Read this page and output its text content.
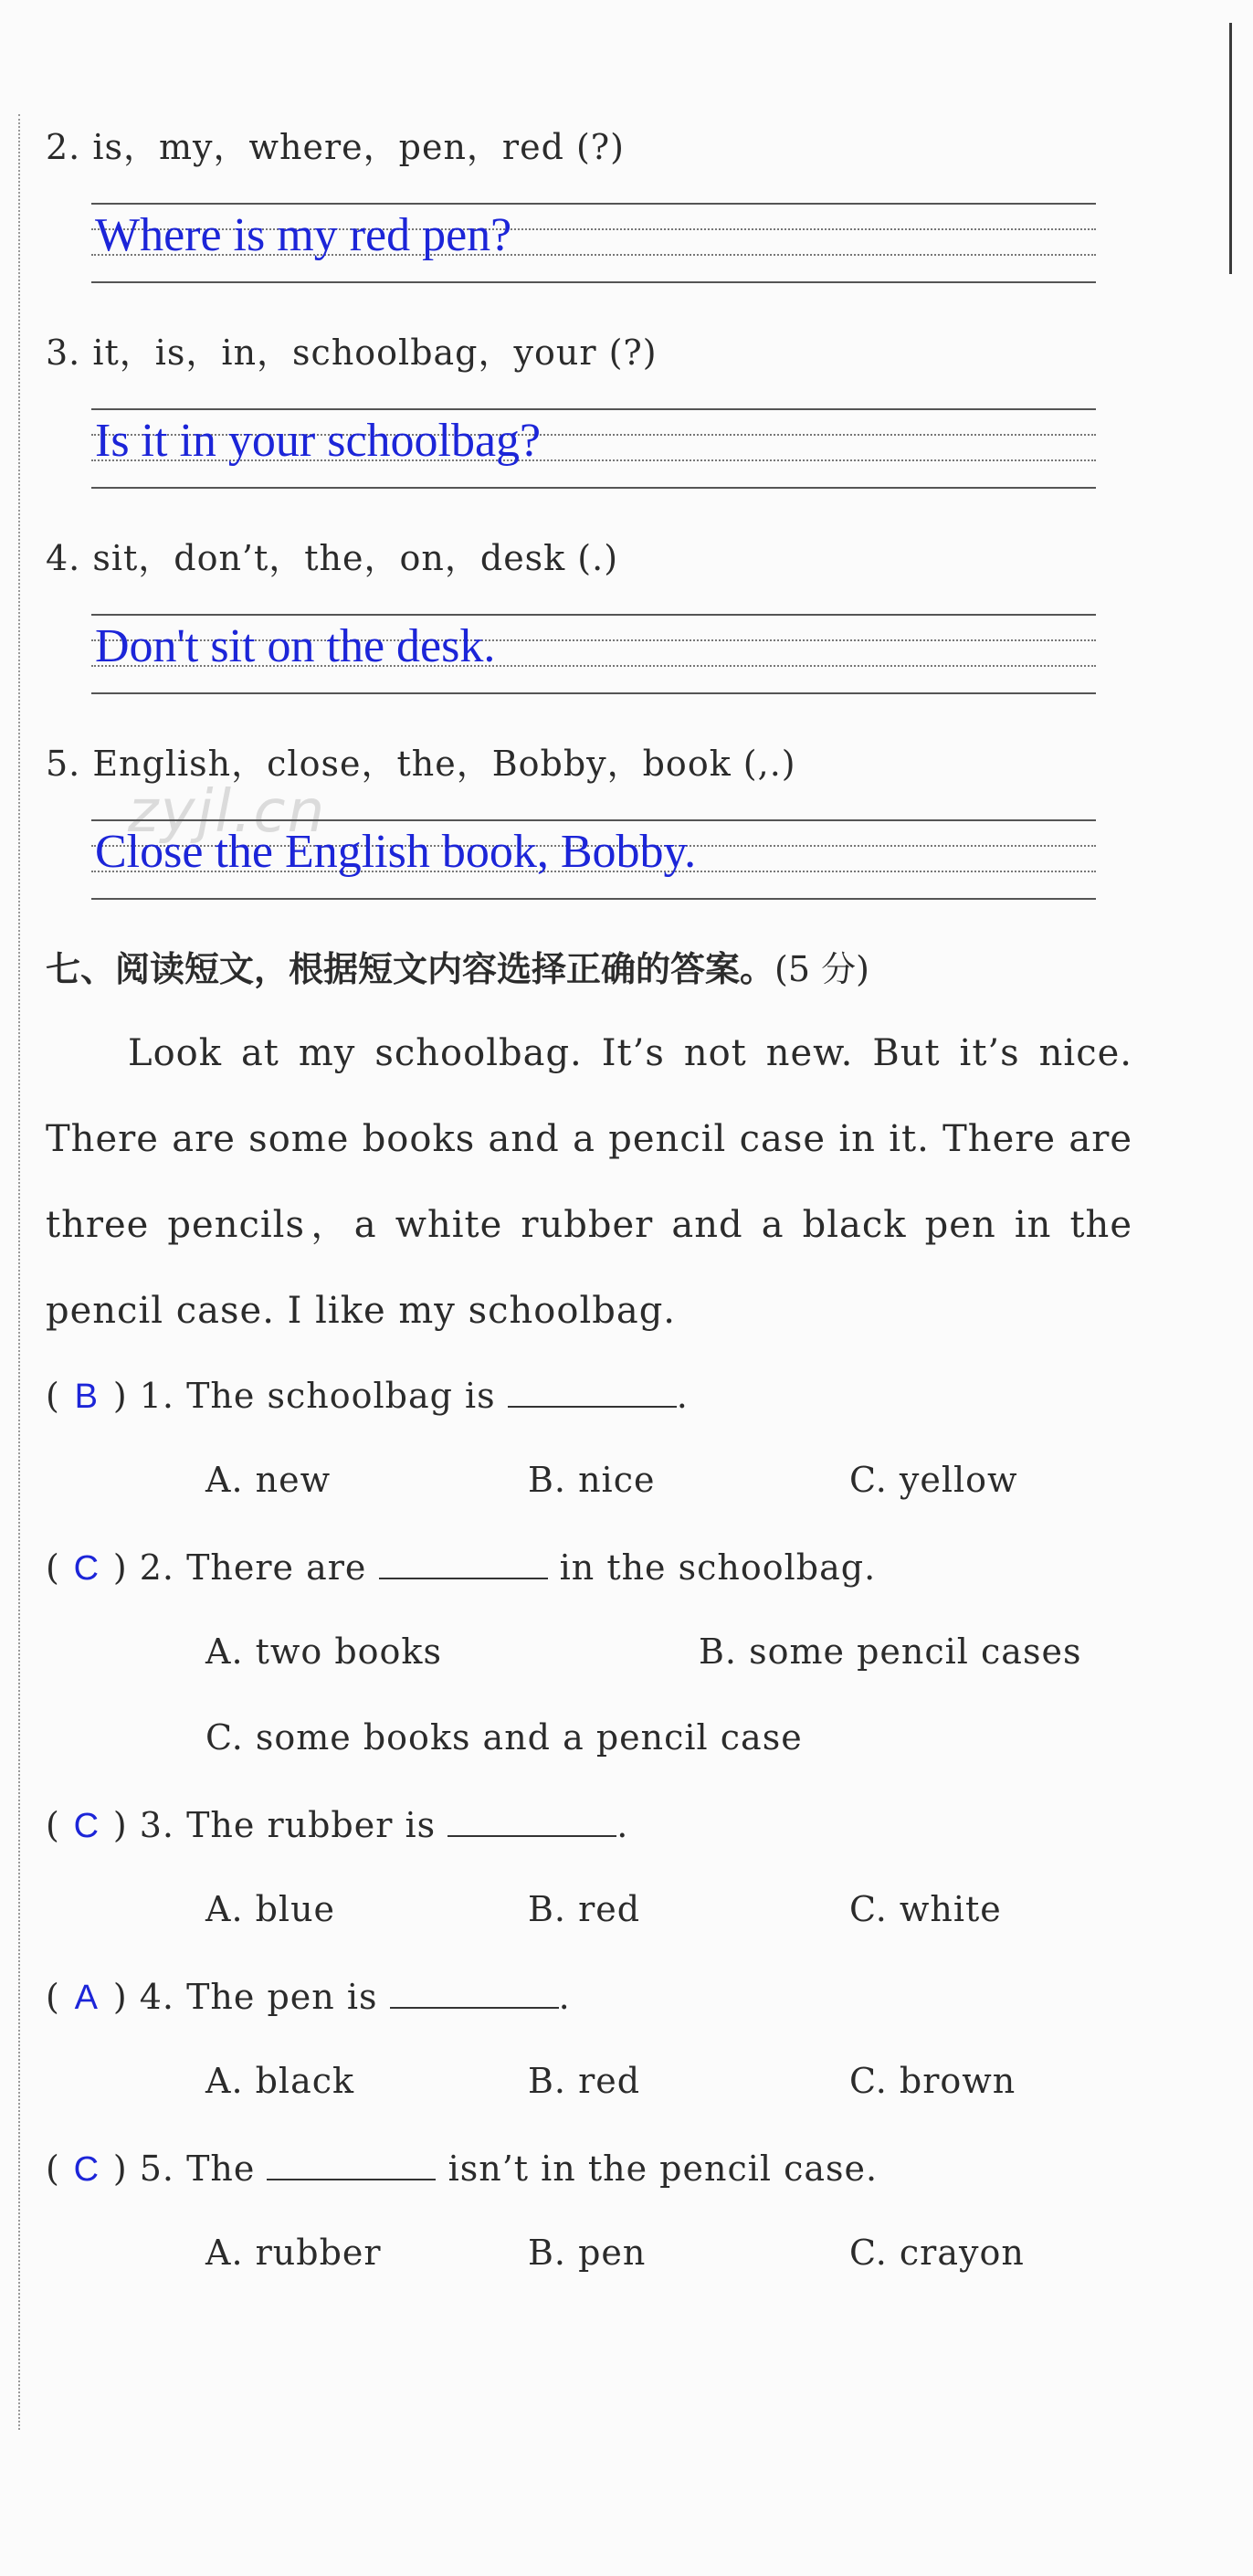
2. is，my，where，pen，red (?)
Where is my red pen?
3. it，is，in，schoolbag，your (?)
Is it in your schoolbag?
4. sit，don’t，the，on，desk (.)
Don't sit on the desk.
5. English，close，the，Bobby，book (,.)
zyjl.cn
Close the English book, Bobby.
七、阅读短文，根据短文内容选择正确的答案。(5 分)
Look at my schoolbag. It’s not new. But it’s nice. There are some books and a pencil case in it. There are three pencils，a white rubber and a black pen in the pencil case. I like my schoolbag.
( B ) 1. The schoolbag is	.
A. new	B. nice	C. yellow
( C ) 2. There are	in the schoolbag.
A. two books	B. some pencil cases
C. some books and a pencil case
( C ) 3. The rubber is	.
A. blue	B. red	C. white
( A ) 4. The pen is	.
A. black	B. red	C. brown
( C ) 5. The	isn’t in the pencil case.
A. rubber	B. pen	C. crayon
